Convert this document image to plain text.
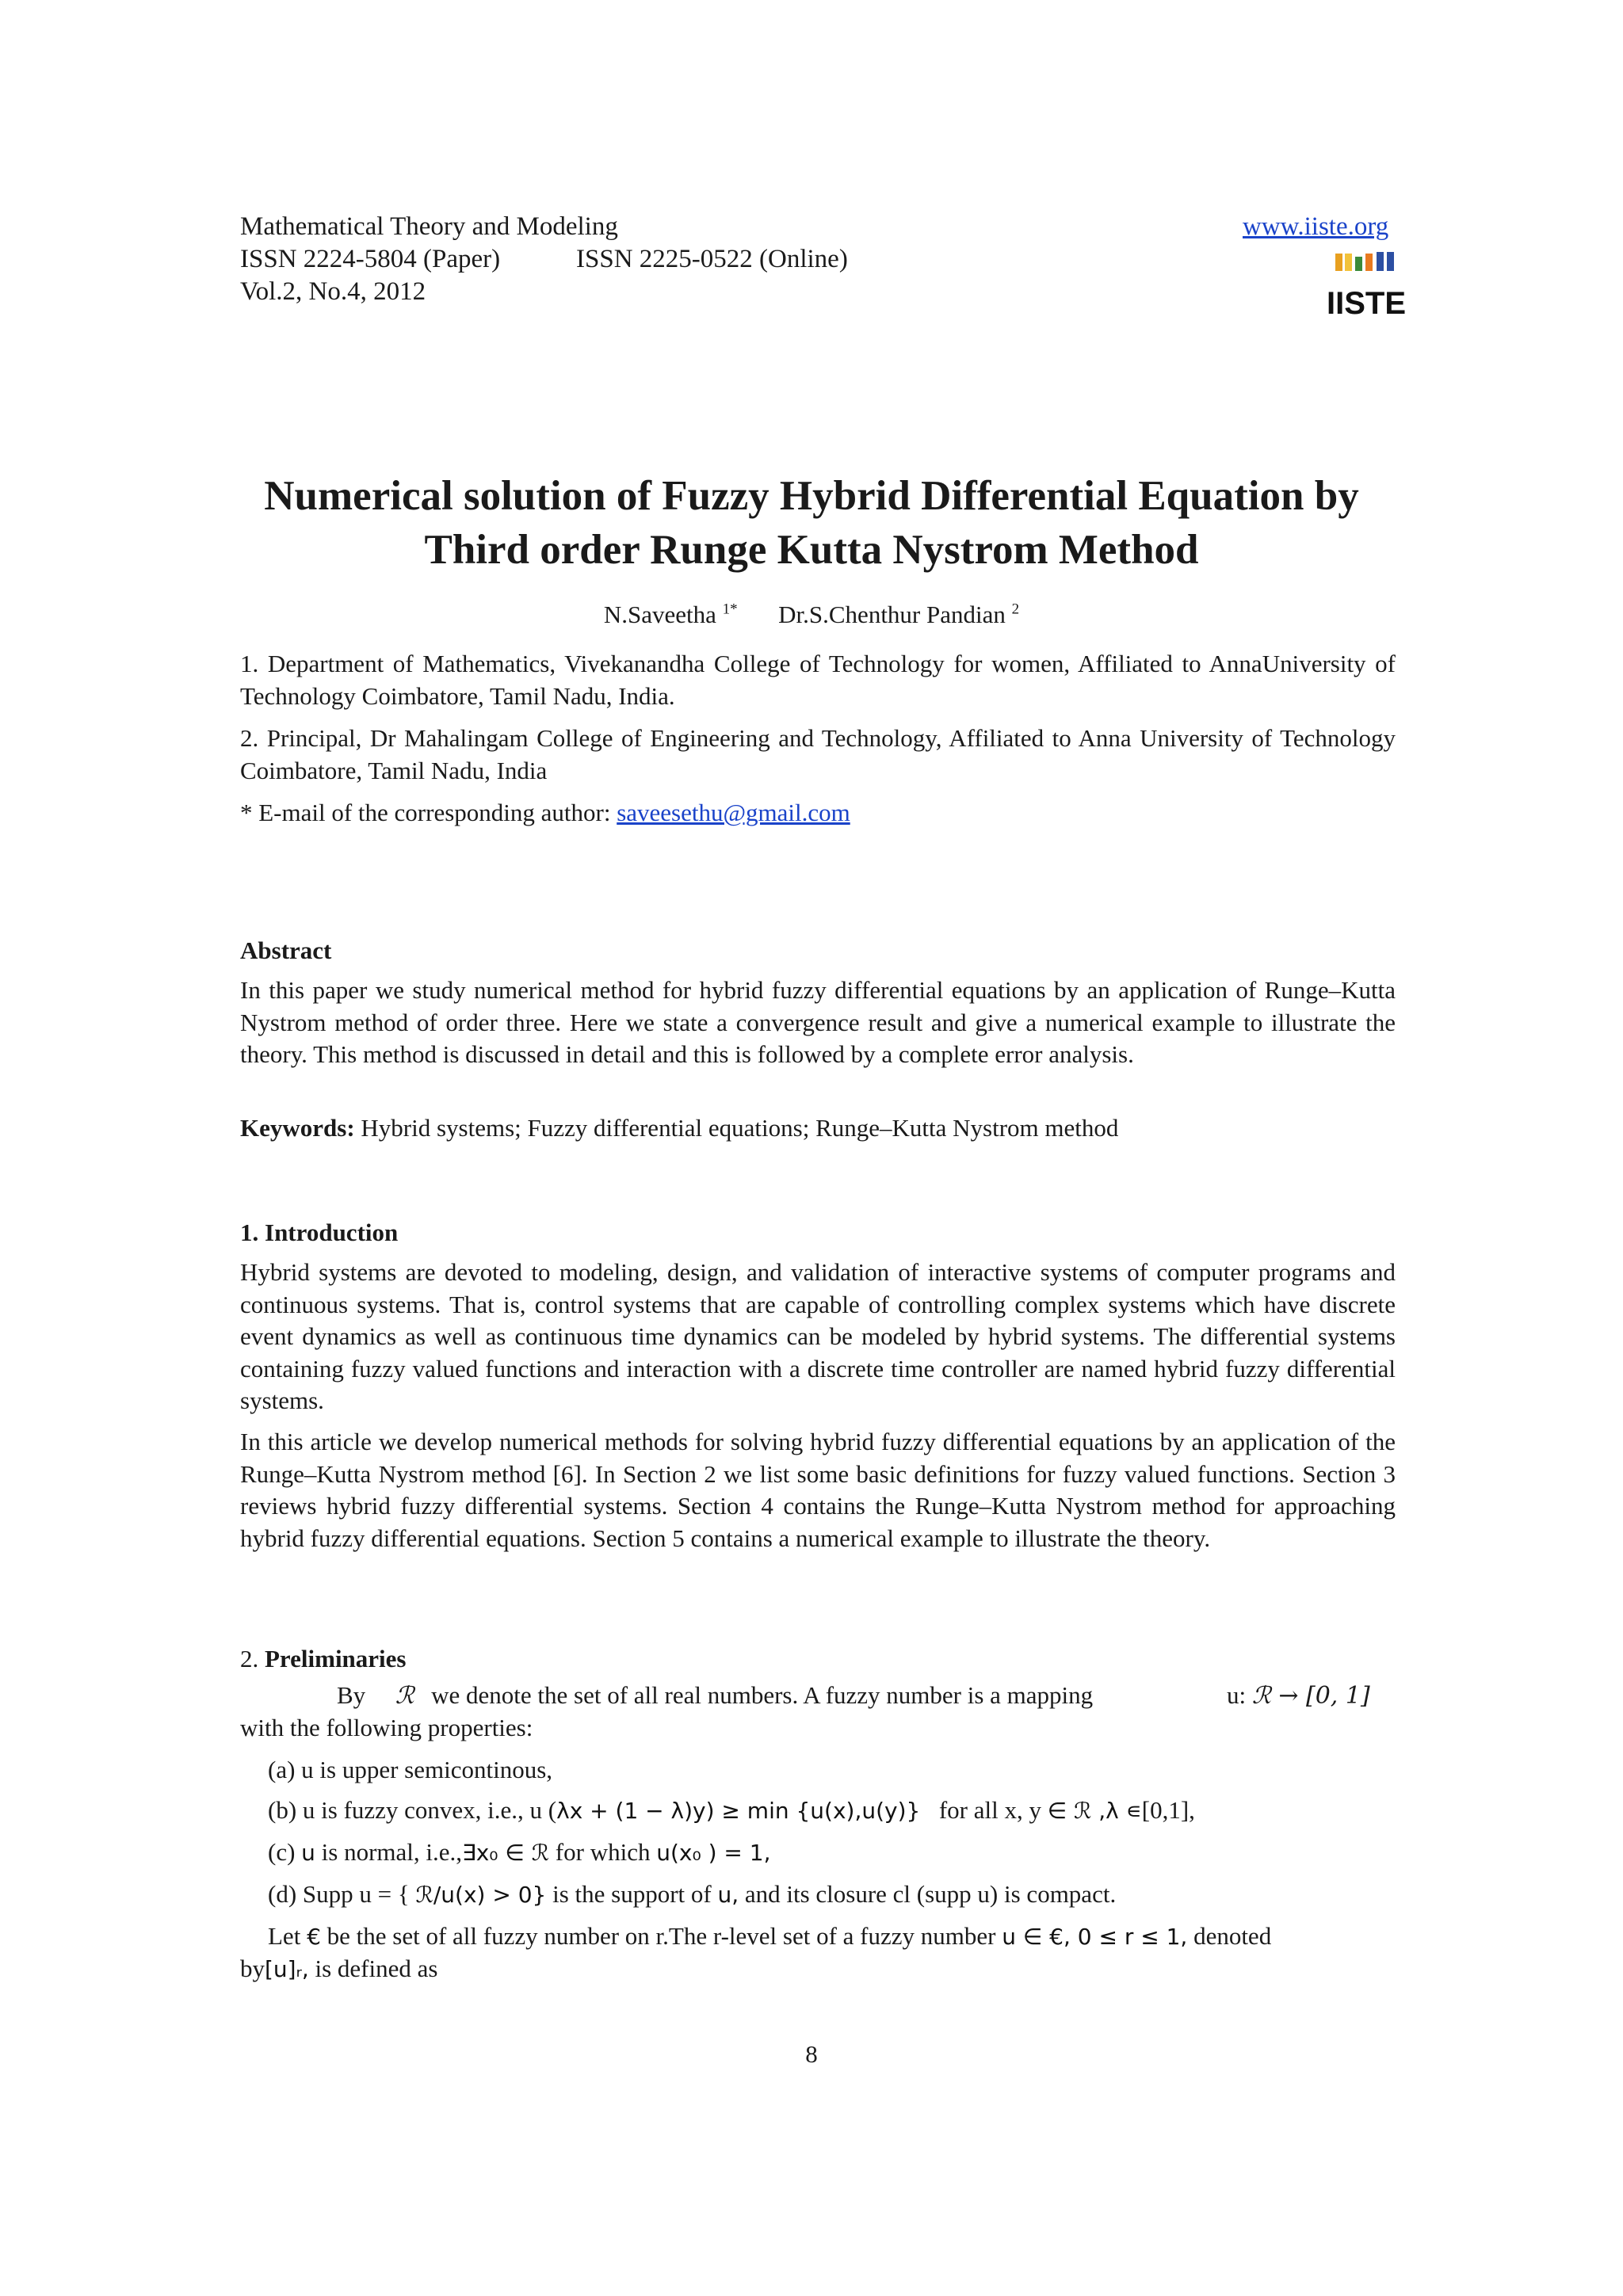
Mathematical Theory and Modeling
ISSN 2224-5804 (Paper)	ISSN 2225-0522 (Online)
Vol.2, No.4, 2012
www.iiste.org
IISTE
Numerical solution of Fuzzy Hybrid Differential Equation by
Third order Runge Kutta Nystrom Method
N.Saveetha $^{1*}$ Dr.S.Chenthur Pandian $^2$
1. Department of Mathematics, Vivekanandha College of Technology for women, Affiliated to AnnaUniversity of Technology Coimbatore, Tamil Nadu, India.
2. Principal, Dr Mahalingam College of Engineering and Technology, Affiliated to Anna University of Technology Coimbatore, Tamil Nadu, India
* E-mail of the corresponding author: saveesethu@gmail.com
Abstract
In this paper we study numerical method for hybrid fuzzy differential equations by an application of Runge–Kutta Nystrom method of order three. Here we state a convergence result and give a numerical example to illustrate the theory. This method is discussed in detail and this is followed by a complete error analysis.
Keywords: Hybrid systems; Fuzzy differential equations; Runge–Kutta Nystrom method
1. Introduction
Hybrid systems are devoted to modeling, design, and validation of interactive systems of computer programs and continuous systems. That is, control systems that are capable of controlling complex systems which have discrete event dynamics as well as continuous time dynamics can be modeled by hybrid systems. The differential systems containing fuzzy valued functions and interaction with a discrete time controller are named hybrid fuzzy differential systems.
In this article we develop numerical methods for solving hybrid fuzzy differential equations by an application of the Runge–Kutta Nystrom method [6]. In Section 2 we list some basic definitions for fuzzy valued functions. Section 3 reviews hybrid fuzzy differential systems. Section 4 contains the Runge–Kutta Nystrom method for approaching hybrid fuzzy differential equations. Section 5 contains a numerical example to illustrate the theory.
2. Preliminaries
By ℛ we denote the set of all real numbers. A fuzzy number is a mapping	u: ℛ → [0, 1]
with the following properties:
(a) u is upper semicontinous,
(b) u is fuzzy convex, i.e., u (λx + (1 − λ)y) ≥ min {u(x),u(y)} for all x, y ∈ ℛ ,λ ∊[0,1],
(c) u is normal, i.e.,∃x₀ ∈ ℛ for which u(x₀ ) = 1,
(d) Supp u = { ℛ/u(x) > 0} is the support of u, and its closure cl (supp u) is compact.
Let € be the set of all fuzzy number on r.The r-level set of a fuzzy number u ∈ €, 0 ≤ r ≤ 1, denoted
by[u]ᵣ, is defined as
8
